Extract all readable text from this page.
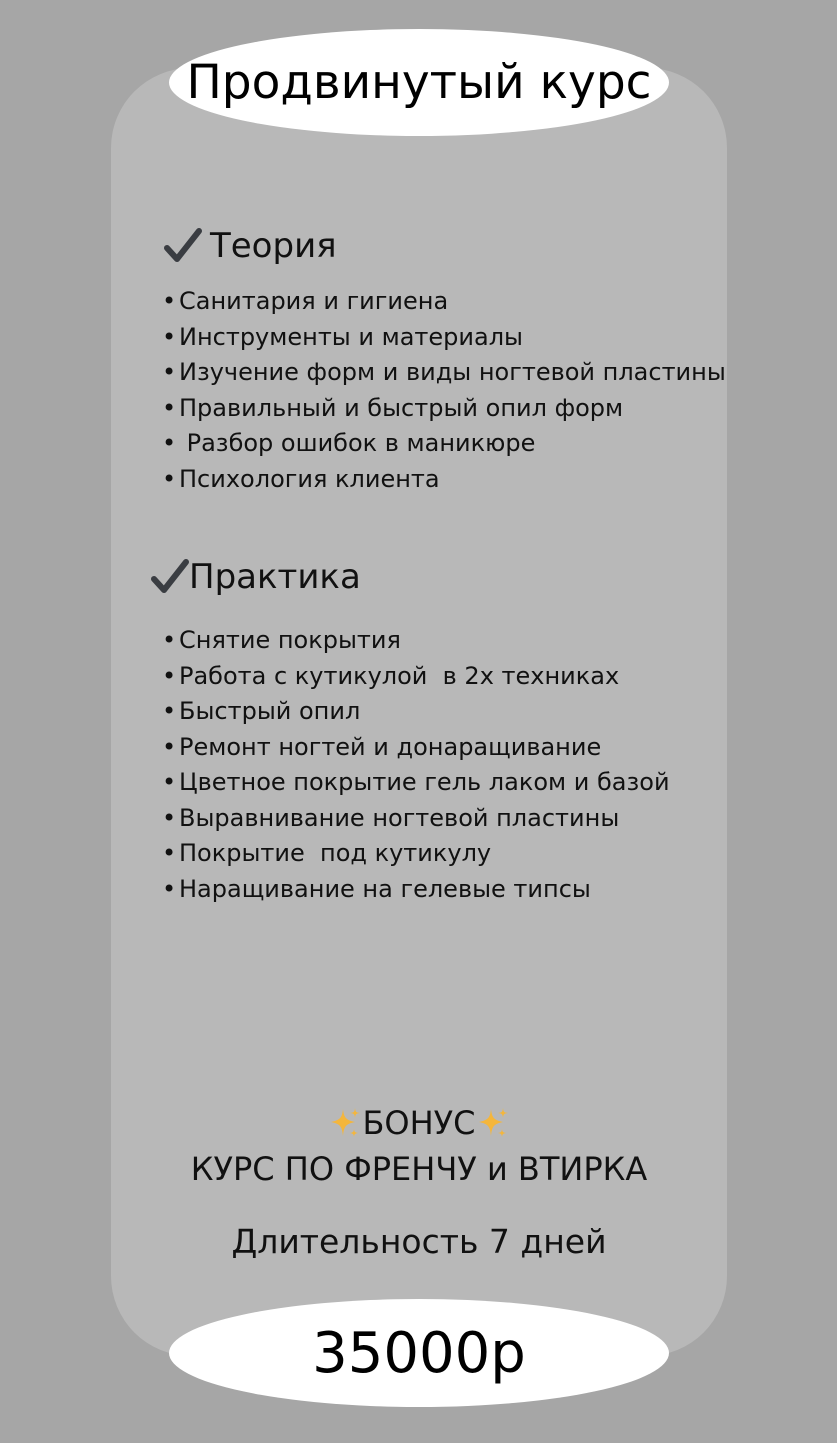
Продвинутый курс
Теория
• Санитария и гигиена
• Инструменты и материалы
• Изучение форм и виды ногтевой пластины
• Правильный и быстрый опил форм
• Разбор ошибок в маникюре
• Психология клиента
Практика
• Снятие покрытия
• Работа с кутикулой  в 2х техниках
• Быстрый опил
• Ремонт ногтей и донаращивание
• Цветное покрытие гель лаком и базой
• Выравнивание ногтевой пластины
• Покрытие  под кутикулу
• Наращивание на гелевые типсы
БОНУС
КУРС ПО ФРЕНЧУ и ВТИРКА
Длительность 7 дней
35000р
